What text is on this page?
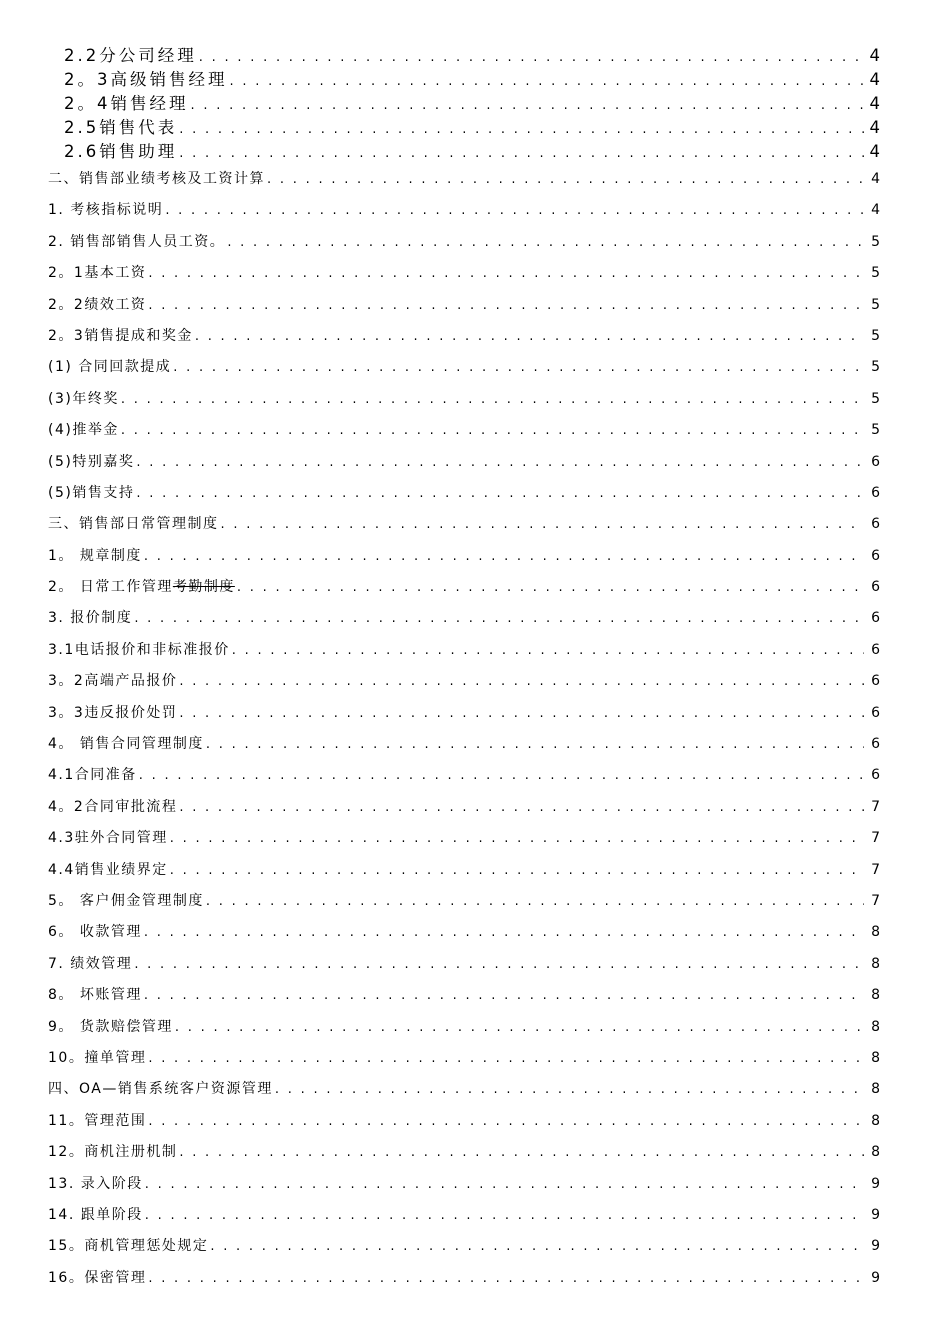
2.2分公司经理 . . .	4
2。3高级销售经理 . . .	4
2。4销售经理 . . .	4
2.5销售代表 . . .	4
2.6销售助理 . . .	4
二、销售部业绩考核及工资计算 . . .	4
1. 考核指标说明 . . .	4
2. 销售部销售人员工资。 . . .	5
2。1基本工资 . . .	5
2。2绩效工资 . . .	5
2。3销售提成和奖金 . . .	5
(1) 合同回款提成 . . .	5
(3)年终奖 . . .	5
(4)推举金 . . .	5
(5)特别嘉奖 . . .	6
(5)销售支持 . . .	6
三、销售部日常管理制度 . . .	6
1。 规章制度 . . .	6
2。 日常工作管理 考勤制度 . . .	6
3. 报价制度 . . .	6
3.1电话报价和非标准报价 . . .	6
3。2高端产品报价 . . .	6
3。3违反报价处罚 . . .	6
4。 销售合同管理制度 . . .	6
4.1合同准备 . . .	6
4。2合同审批流程 . . .	7
4.3驻外合同管理 . . .	7
4.4销售业绩界定 . . .	7
5。 客户佣金管理制度 . . .	7
6。 收款管理 . . .	8
7. 绩效管理 . . .	8
8。 坏账管理 . . .	8
9。 货款赔偿管理 . . .	8
10。撞单管理 . . .	8
四、OA—销售系统客户资源管理 . . .	8
11。管理范围 . . .	8
12。商机注册机制 . . .	8
13. 录入阶段 . . .	9
14. 跟单阶段 . . .	9
15。商机管理惩处规定 . . .	9
16。保密管理 . . .	9
